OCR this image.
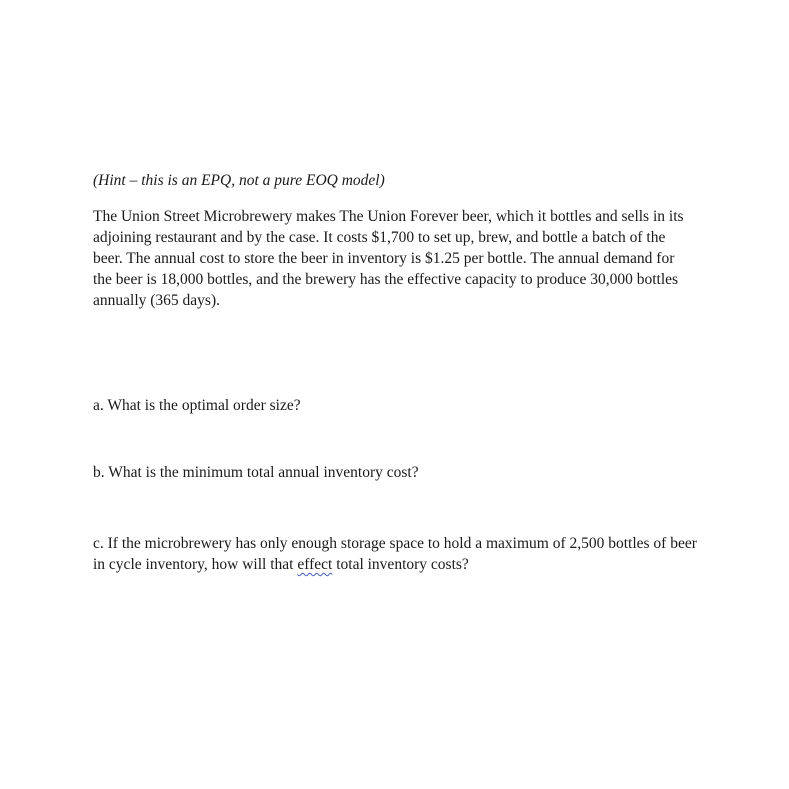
(Hint – this is an EPQ, not a pure EOQ model)

The Union Street Microbrewery makes The Union Forever beer, which it bottles and sells in its
adjoining restaurant and by the case. It costs $1,700 to set up, brew, and bottle a batch of the
beer. The annual cost to store the beer in inventory is $1.25 per bottle. The annual demand for
the beer is 18,000 bottles, and the brewery has the effective capacity to produce 30,000 bottles
annually (365 days).

a. What is the optimal order size?

b. What is the minimum total annual inventory cost?

c. If the microbrewery has only enough storage space to hold a maximum of 2,500 bottles of beer
in cycle inventory, how will that effect total inventory costs?
